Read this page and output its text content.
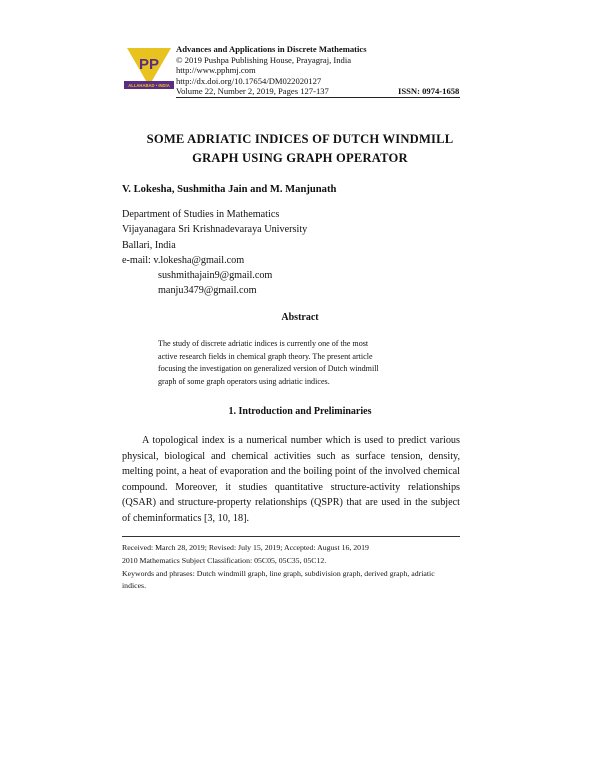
PP
ALLAHABAD • INDIA
Advances and Applications in Discrete Mathematics
© 2019 Pushpa Publishing House, Prayagraj, India
http://www.pphmj.com
http://dx.doi.org/10.17654/DM022020127
Volume 22, Number 2, 2019, Pages 127-137	ISSN: 0974-1658
SOME ADRIATIC INDICES OF DUTCH WINDMILL
GRAPH USING GRAPH OPERATOR
V. Lokesha, Sushmitha Jain and M. Manjunath
Department of Studies in Mathematics
Vijayanagara Sri Krishnadevaraya University
Ballari, India
e-mail: v.lokesha@gmail.com
sushmithajain9@gmail.com
manju3479@gmail.com
Abstract
The study of discrete adriatic indices is currently one of the most
active research fields in chemical graph theory. The present article
focusing the investigation on generalized version of Dutch windmill
graph of some graph operators using adriatic indices.
1. Introduction and Preliminaries
A topological index is a numerical number which is used to predict various physical, biological and chemical activities such as surface tension, density, melting point, a heat of evaporation and the boiling point of the involved chemical compound. Moreover, it studies quantitative structure-activity relationships (QSAR) and structure-property relationships (QSPR) that are used in the subject of cheminformatics [3, 10, 18].
Received: March 28, 2019; Revised: July 15, 2019; Accepted: August 16, 2019
2010 Mathematics Subject Classification: 05C05, 05C35, 05C12.
Keywords and phrases: Dutch windmill graph, line graph, subdivision graph, derived graph, adriatic indices.
